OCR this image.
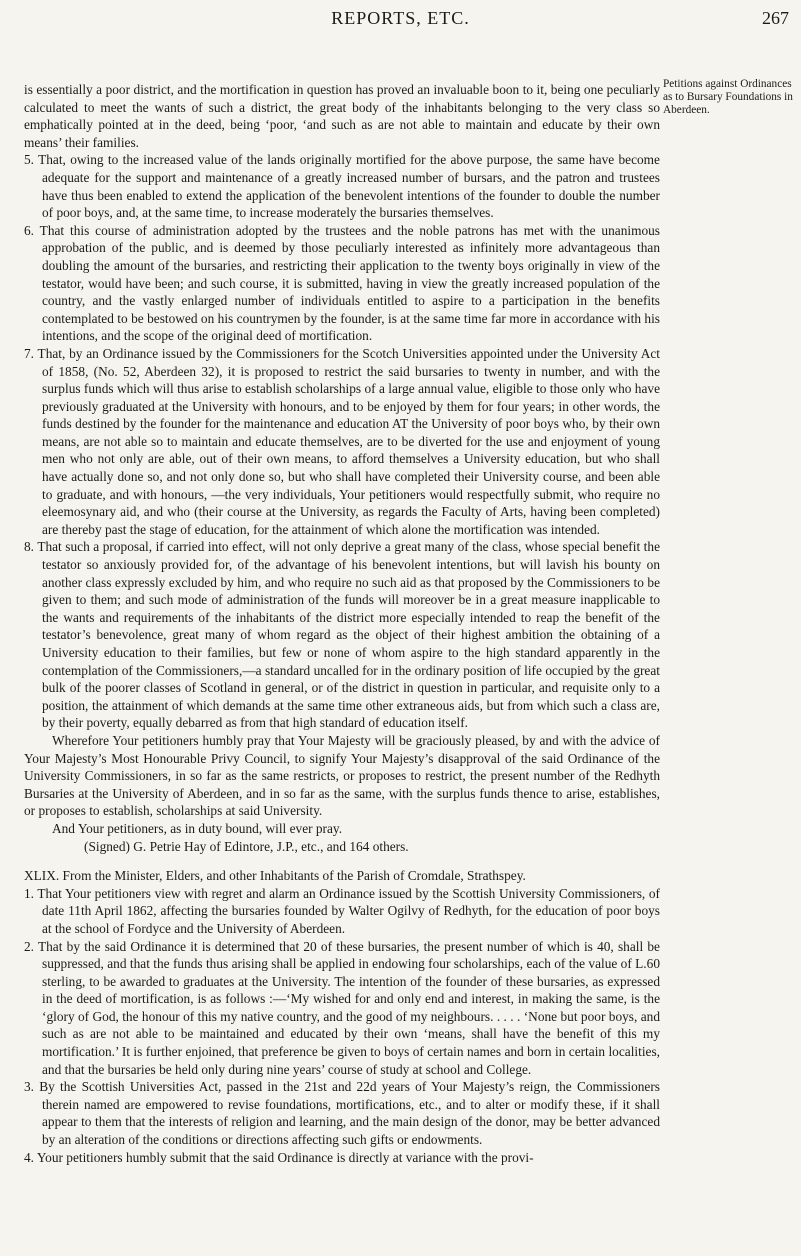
REPORTS, ETC.	267
Petitions against Ordinances as to Bursary Foundations in Aberdeen.

is essentially a poor district, and the mortification in question has proved an invaluable boon to it, being one peculiarly calculated to meet the wants of such a district, the great body of the inhabitants belonging to the very class so emphatically pointed at in the deed, being ‘poor, ‘and such as are not able to maintain and educate by their own means’ their families.

5. That, owing to the increased value of the lands originally mortified for the above purpose, the same have become adequate for the support and maintenance of a greatly increased number of bursars, and the patron and trustees have thus been enabled to extend the application of the benevolent intentions of the founder to double the number of poor boys, and, at the same time, to increase moderately the bursaries themselves.

6. That this course of administration adopted by the trustees and the noble patrons has met with the unanimous approbation of the public, and is deemed by those peculiarly interested as infinitely more advantageous than doubling the amount of the bursaries, and restricting their application to the twenty boys originally in view of the testator, would have been; and such course, it is submitted, having in view the greatly increased population of the country, and the vastly enlarged number of individuals entitled to aspire to a participation in the benefits contemplated to be bestowed on his countrymen by the founder, is at the same time far more in accordance with his intentions, and the scope of the original deed of mortification.

7. That, by an Ordinance issued by the Commissioners for the Scotch Universities appointed under the University Act of 1858, (No. 52, Aberdeen 32), it is proposed to restrict the said bursaries to twenty in number, and with the surplus funds which will thus arise to establish scholarships of a large annual value, eligible to those only who have previously graduated at the University with honours, and to be enjoyed by them for four years; in other words, the funds destined by the founder for the maintenance and education AT the University of poor boys who, by their own means, are not able so to maintain and educate themselves, are to be diverted for the use and enjoyment of young men who not only are able, out of their own means, to afford themselves a University education, but who shall have actually done so, and not only done so, but who shall have completed their University course, and been able to graduate, and with honours, —the very individuals, Your petitioners would respectfully submit, who require no eleemosynary aid, and who (their course at the University, as regards the Faculty of Arts, having been completed) are thereby past the stage of education, for the attainment of which alone the mortification was intended.

8. That such a proposal, if carried into effect, will not only deprive a great many of the class, whose special benefit the testator so anxiously provided for, of the advantage of his benevolent intentions, but will lavish his bounty on another class expressly excluded by him, and who require no such aid as that proposed by the Commissioners to be given to them; and such mode of administration of the funds will moreover be in a great measure inapplicable to the wants and requirements of the inhabitants of the district more especially intended to reap the benefit of the testator’s benevolence, great many of whom regard as the object of their highest ambition the obtaining of a University education to their families, but few or none of whom aspire to the high standard apparently in the contemplation of the Commissioners,—a standard uncalled for in the ordinary position of life occupied by the great bulk of the poorer classes of Scotland in general, or of the district in question in particular, and requisite only to a position, the attainment of which demands at the same time other extraneous aids, but from which such a class are, by their poverty, equally debarred as from that high standard of education itself.

Wherefore Your petitioners humbly pray that Your Majesty will be graciously pleased, by and with the advice of Your Majesty’s Most Honourable Privy Council, to signify Your Majesty’s disapproval of the said Ordinance of the University Commissioners, in so far as the same restricts, or proposes to restrict, the present number of the Redhyth Bursaries at the University of Aberdeen, and in so far as the same, with the surplus funds thence to arise, establishes, or proposes to establish, scholarships at said University.

And Your petitioners, as in duty bound, will ever pray.

(Signed) G. Petrie Hay of Edintore, J.P., etc., and 164 others.

XLIX. From the Minister, Elders, and other Inhabitants of the Parish of Cromdale, Strathspey.

1. That Your petitioners view with regret and alarm an Ordinance issued by the Scottish University Commissioners, of date 11th April 1862, affecting the bursaries founded by Walter Ogilvy of Redhyth, for the education of poor boys at the school of Fordyce and the University of Aberdeen.

2. That by the said Ordinance it is determined that 20 of these bursaries, the present number of which is 40, shall be suppressed, and that the funds thus arising shall be applied in endowing four scholarships, each of the value of L.60 sterling, to be awarded to graduates at the University. The intention of the founder of these bursaries, as expressed in the deed of mortification, is as follows :—‘My wished for and only end and interest, in making the same, is the ‘glory of God, the honour of this my native country, and the good of my neighbours. . . . . ‘None but poor boys, and such as are not able to be maintained and educated by their own ‘means, shall have the benefit of this my mortification.’ It is further enjoined, that preference be given to boys of certain names and born in certain localities, and that the bursaries be held only during nine years’ course of study at school and College.

3. By the Scottish Universities Act, passed in the 21st and 22d years of Your Majesty’s reign, the Commissioners therein named are empowered to revise foundations, mortifications, etc., and to alter or modify these, if it shall appear to them that the interests of religion and learning, and the main design of the donor, may be better advanced by an alteration of the conditions or directions affecting such gifts or endowments.

4. Your petitioners humbly submit that the said Ordinance is directly at variance with the provi-
